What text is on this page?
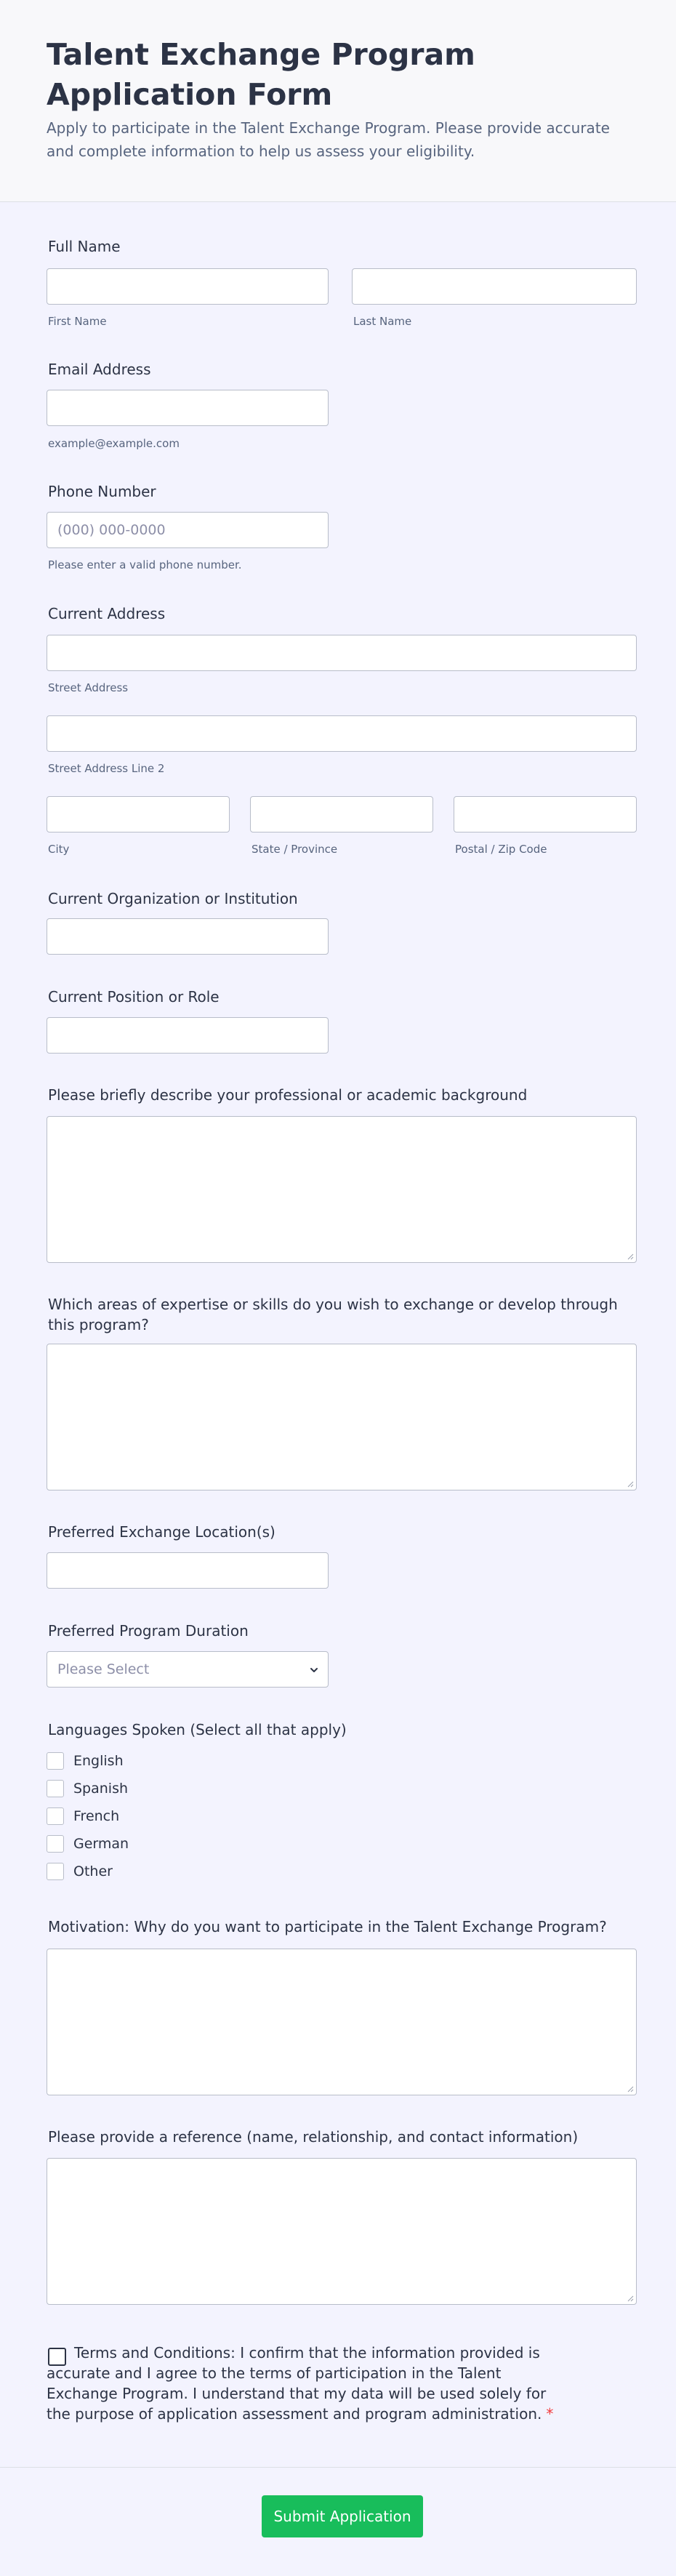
Talent Exchange Program Application Form

Apply to participate in the Talent Exchange Program. Please provide accurate and complete information to help us assess your eligibility.

Full Name
First Name	Last Name
Email Address
example@example.com
Phone Number
(000) 000-0000
Please enter a valid phone number.
Current Address
Street Address
Street Address Line 2
City	State / Province	Postal / Zip Code
Current Organization or Institution
Current Position or Role
Please briefly describe your professional or academic background
Which areas of expertise or skills do you wish to exchange or develop through this program?
Preferred Exchange Location(s)
Preferred Program Duration
Please Select
Languages Spoken (Select all that apply)
English
Spanish
French
German
Other
Motivation: Why do you want to participate in the Talent Exchange Program?
Please provide a reference (name, relationship, and contact information)

Terms and Conditions: I confirm that the information provided is accurate and I agree to the terms of participation in the Talent Exchange Program. I understand that my data will be used solely for the purpose of application assessment and program administration. *

Submit Application
